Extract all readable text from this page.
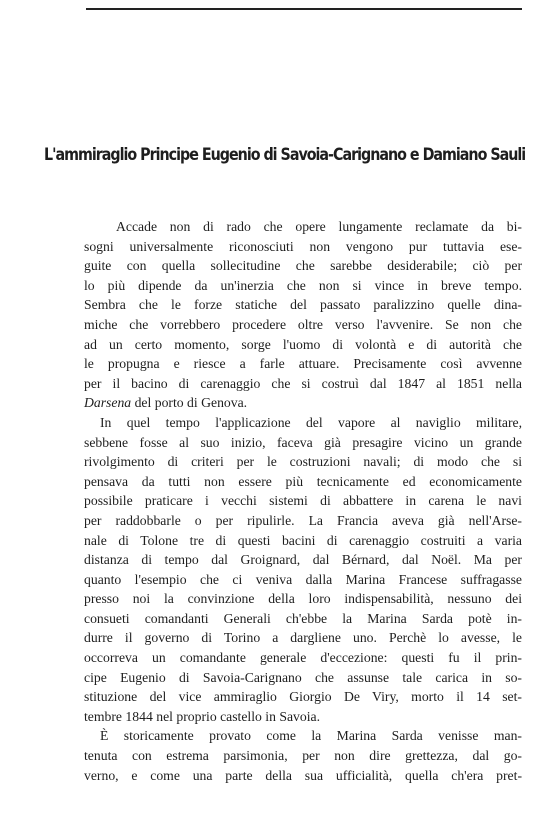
L'ammiraglio Principe Eugenio di Savoia-Carignano e Damiano Sauli

Accade non di rado che opere lungamente reclamate da bi-
sogni universalmente riconosciuti non vengono pur tuttavia ese-
guite con quella sollecitudine che sarebbe desiderabile; ciò per
lo più dipende da un'inerzia che non si vince in breve tempo.
Sembra che le forze statiche del passato paralizzino quelle dina-
miche che vorrebbero procedere oltre verso l'avvenire. Se non che
ad un certo momento, sorge l'uomo di volontà e di autorità che
le propugna e riesce a farle attuare. Precisamente così avvenne
per il bacino di carenaggio che si costruì dal 1847 al 1851 nella
Darsena del porto di Genova.

In quel tempo l'applicazione del vapore al naviglio militare,
sebbene fosse al suo inizio, faceva già presagire vicino un grande
rivolgimento di criteri per le costruzioni navali; di modo che si
pensava da tutti non essere più tecnicamente ed economicamente
possibile praticare i vecchi sistemi di abbattere in carena le navi
per raddobbarle o per ripulirle. La Francia aveva già nell'Arse-
nale di Tolone tre di questi bacini di carenaggio costruiti a varia
distanza di tempo dal Groignard, dal Bérnard, dal Noël. Ma per
quanto l'esempio che ci veniva dalla Marina Francese suffragasse
presso noi la convinzione della loro indispensabilità, nessuno dei
consueti comandanti Generali ch'ebbe la Marina Sarda potè in-
durre il governo di Torino a dargliene uno. Perchè lo avesse, le
occorreva un comandante generale d'eccezione: questi fu il prin-
cipe Eugenio di Savoia-Carignano che assunse tale carica in so-
stituzione del vice ammiraglio Giorgio De Viry, morto il 14 set-
tembre 1844 nel proprio castello in Savoia.

È storicamente provato come la Marina Sarda venisse man-
tenuta con estrema parsimonia, per non dire grettezza, dal go-
verno, e come una parte della sua ufficialità, quella ch'era pret-
